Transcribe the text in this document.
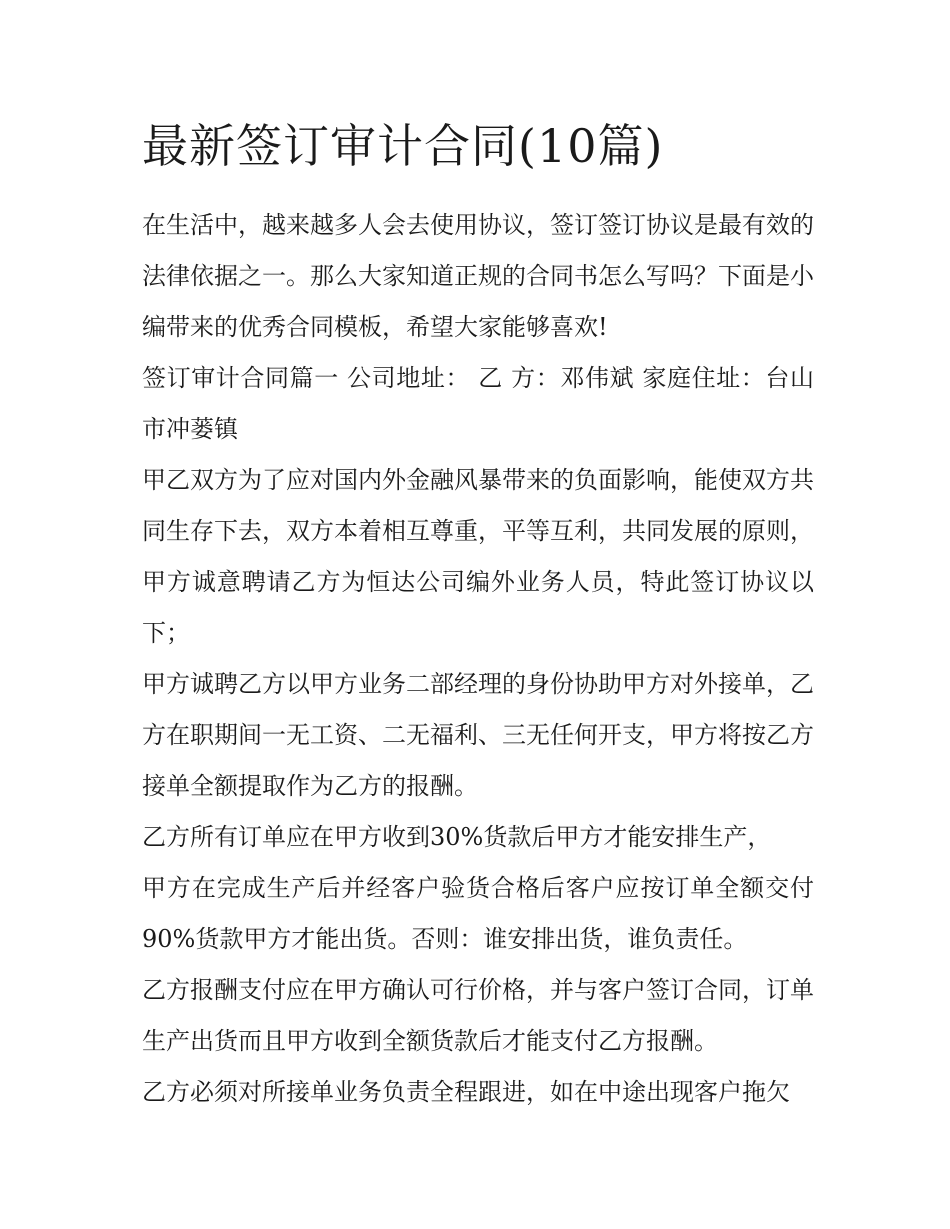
最新签订审计合同(10篇)

在生活中，越来越多人会去使用协议，签订签订协议是最有效的法律依据之一。那么大家知道正规的合同书怎么写吗？下面是小编带来的优秀合同模板，希望大家能够喜欢!

签订审计合同篇一 公司地址： 乙 方：邓伟斌 家庭住址：台山市冲蒌镇

甲乙双方为了应对国内外金融风暴带来的负面影响，能使双方共同生存下去，双方本着相互尊重，平等互利，共同发展的原则，甲方诚意聘请乙方为恒达公司编外业务人员，特此签订协议以下；

甲方诚聘乙方以甲方业务二部经理的身份协助甲方对外接单，乙方在职期间一无工资、二无福利、三无任何开支，甲方将按乙方接单全额提取作为乙方的报酬。

乙方所有订单应在甲方收到30%货款后甲方才能安排生产，

甲方在完成生产后并经客户验货合格后客户应按订单全额交付90%货款甲方才能出货。否则：谁安排出货，谁负责任。

乙方报酬支付应在甲方确认可行价格，并与客户签订合同，订单生产出货而且甲方收到全额货款后才能支付乙方报酬。

乙方必须对所接单业务负责全程跟进，如在中途出现客户拖欠
